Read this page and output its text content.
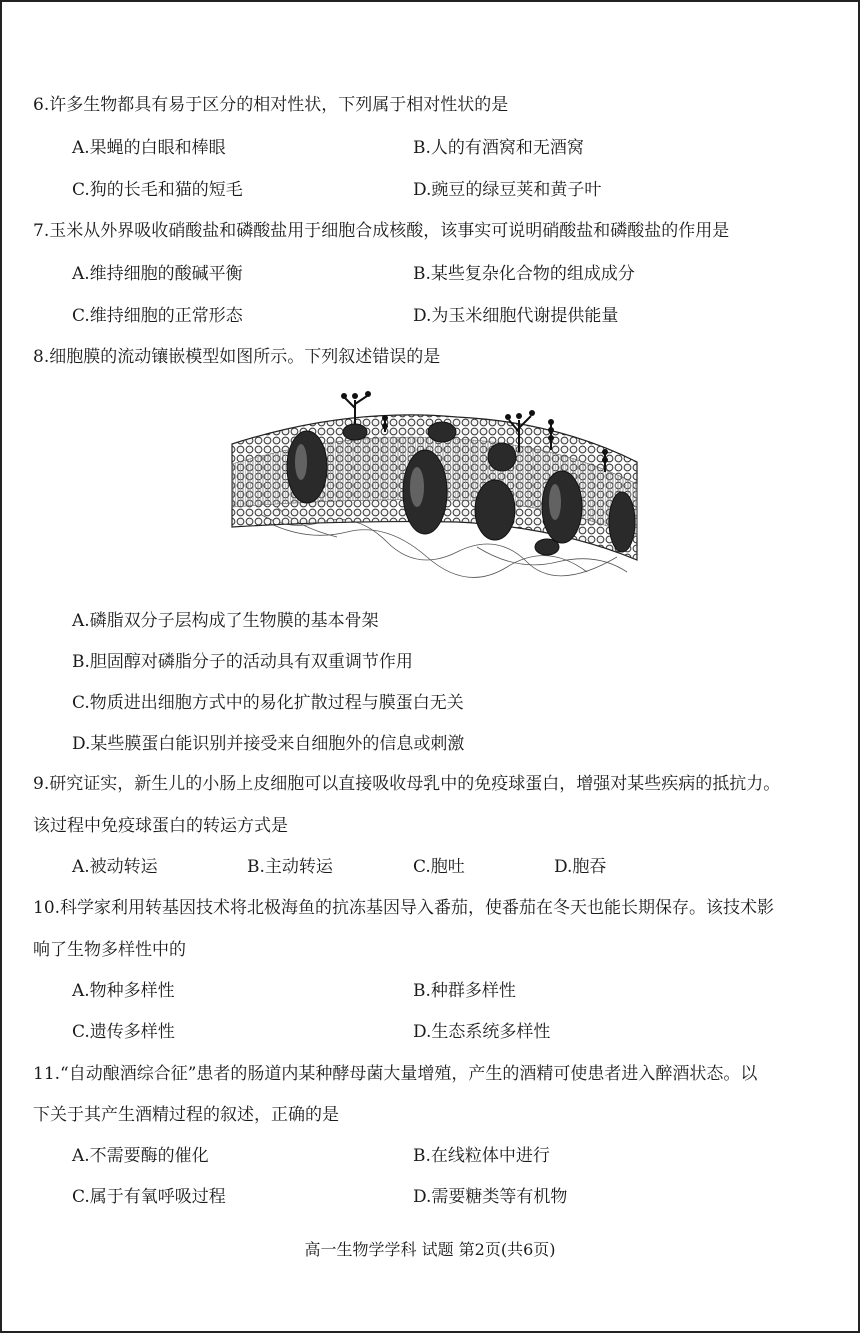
6.许多生物都具有易于区分的相对性状，下列属于相对性状的是
A.果蝇的白眼和棒眼	B.人的有酒窝和无酒窝
C.狗的长毛和猫的短毛	D.豌豆的绿豆荚和黄子叶
7.玉米从外界吸收硝酸盐和磷酸盐用于细胞合成核酸，该事实可说明硝酸盐和磷酸盐的作用是
A.维持细胞的酸碱平衡	B.某些复杂化合物的组成成分
C.维持细胞的正常形态	D.为玉米细胞代谢提供能量
8.细胞膜的流动镶嵌模型如图所示。下列叙述错误的是
A.磷脂双分子层构成了生物膜的基本骨架
B.胆固醇对磷脂分子的活动具有双重调节作用
C.物质进出细胞方式中的易化扩散过程与膜蛋白无关
D.某些膜蛋白能识别并接受来自细胞外的信息或刺激
9.研究证实，新生儿的小肠上皮细胞可以直接吸收母乳中的免疫球蛋白，增强对某些疾病的抵抗力。
该过程中免疫球蛋白的转运方式是
A.被动转运	B.主动转运	C.胞吐	D.胞吞
10.科学家利用转基因技术将北极海鱼的抗冻基因导入番茄，使番茄在冬天也能长期保存。该技术影
响了生物多样性中的
A.物种多样性	B.种群多样性
C.遗传多样性	D.生态系统多样性
11.“自动酿酒综合征”患者的肠道内某种酵母菌大量增殖，产生的酒精可使患者进入醉酒状态。以
下关于其产生酒精过程的叙述，正确的是
A.不需要酶的催化	B.在线粒体中进行
C.属于有氧呼吸过程	D.需要糖类等有机物
高一生物学学科 试题 第2页(共6页)
